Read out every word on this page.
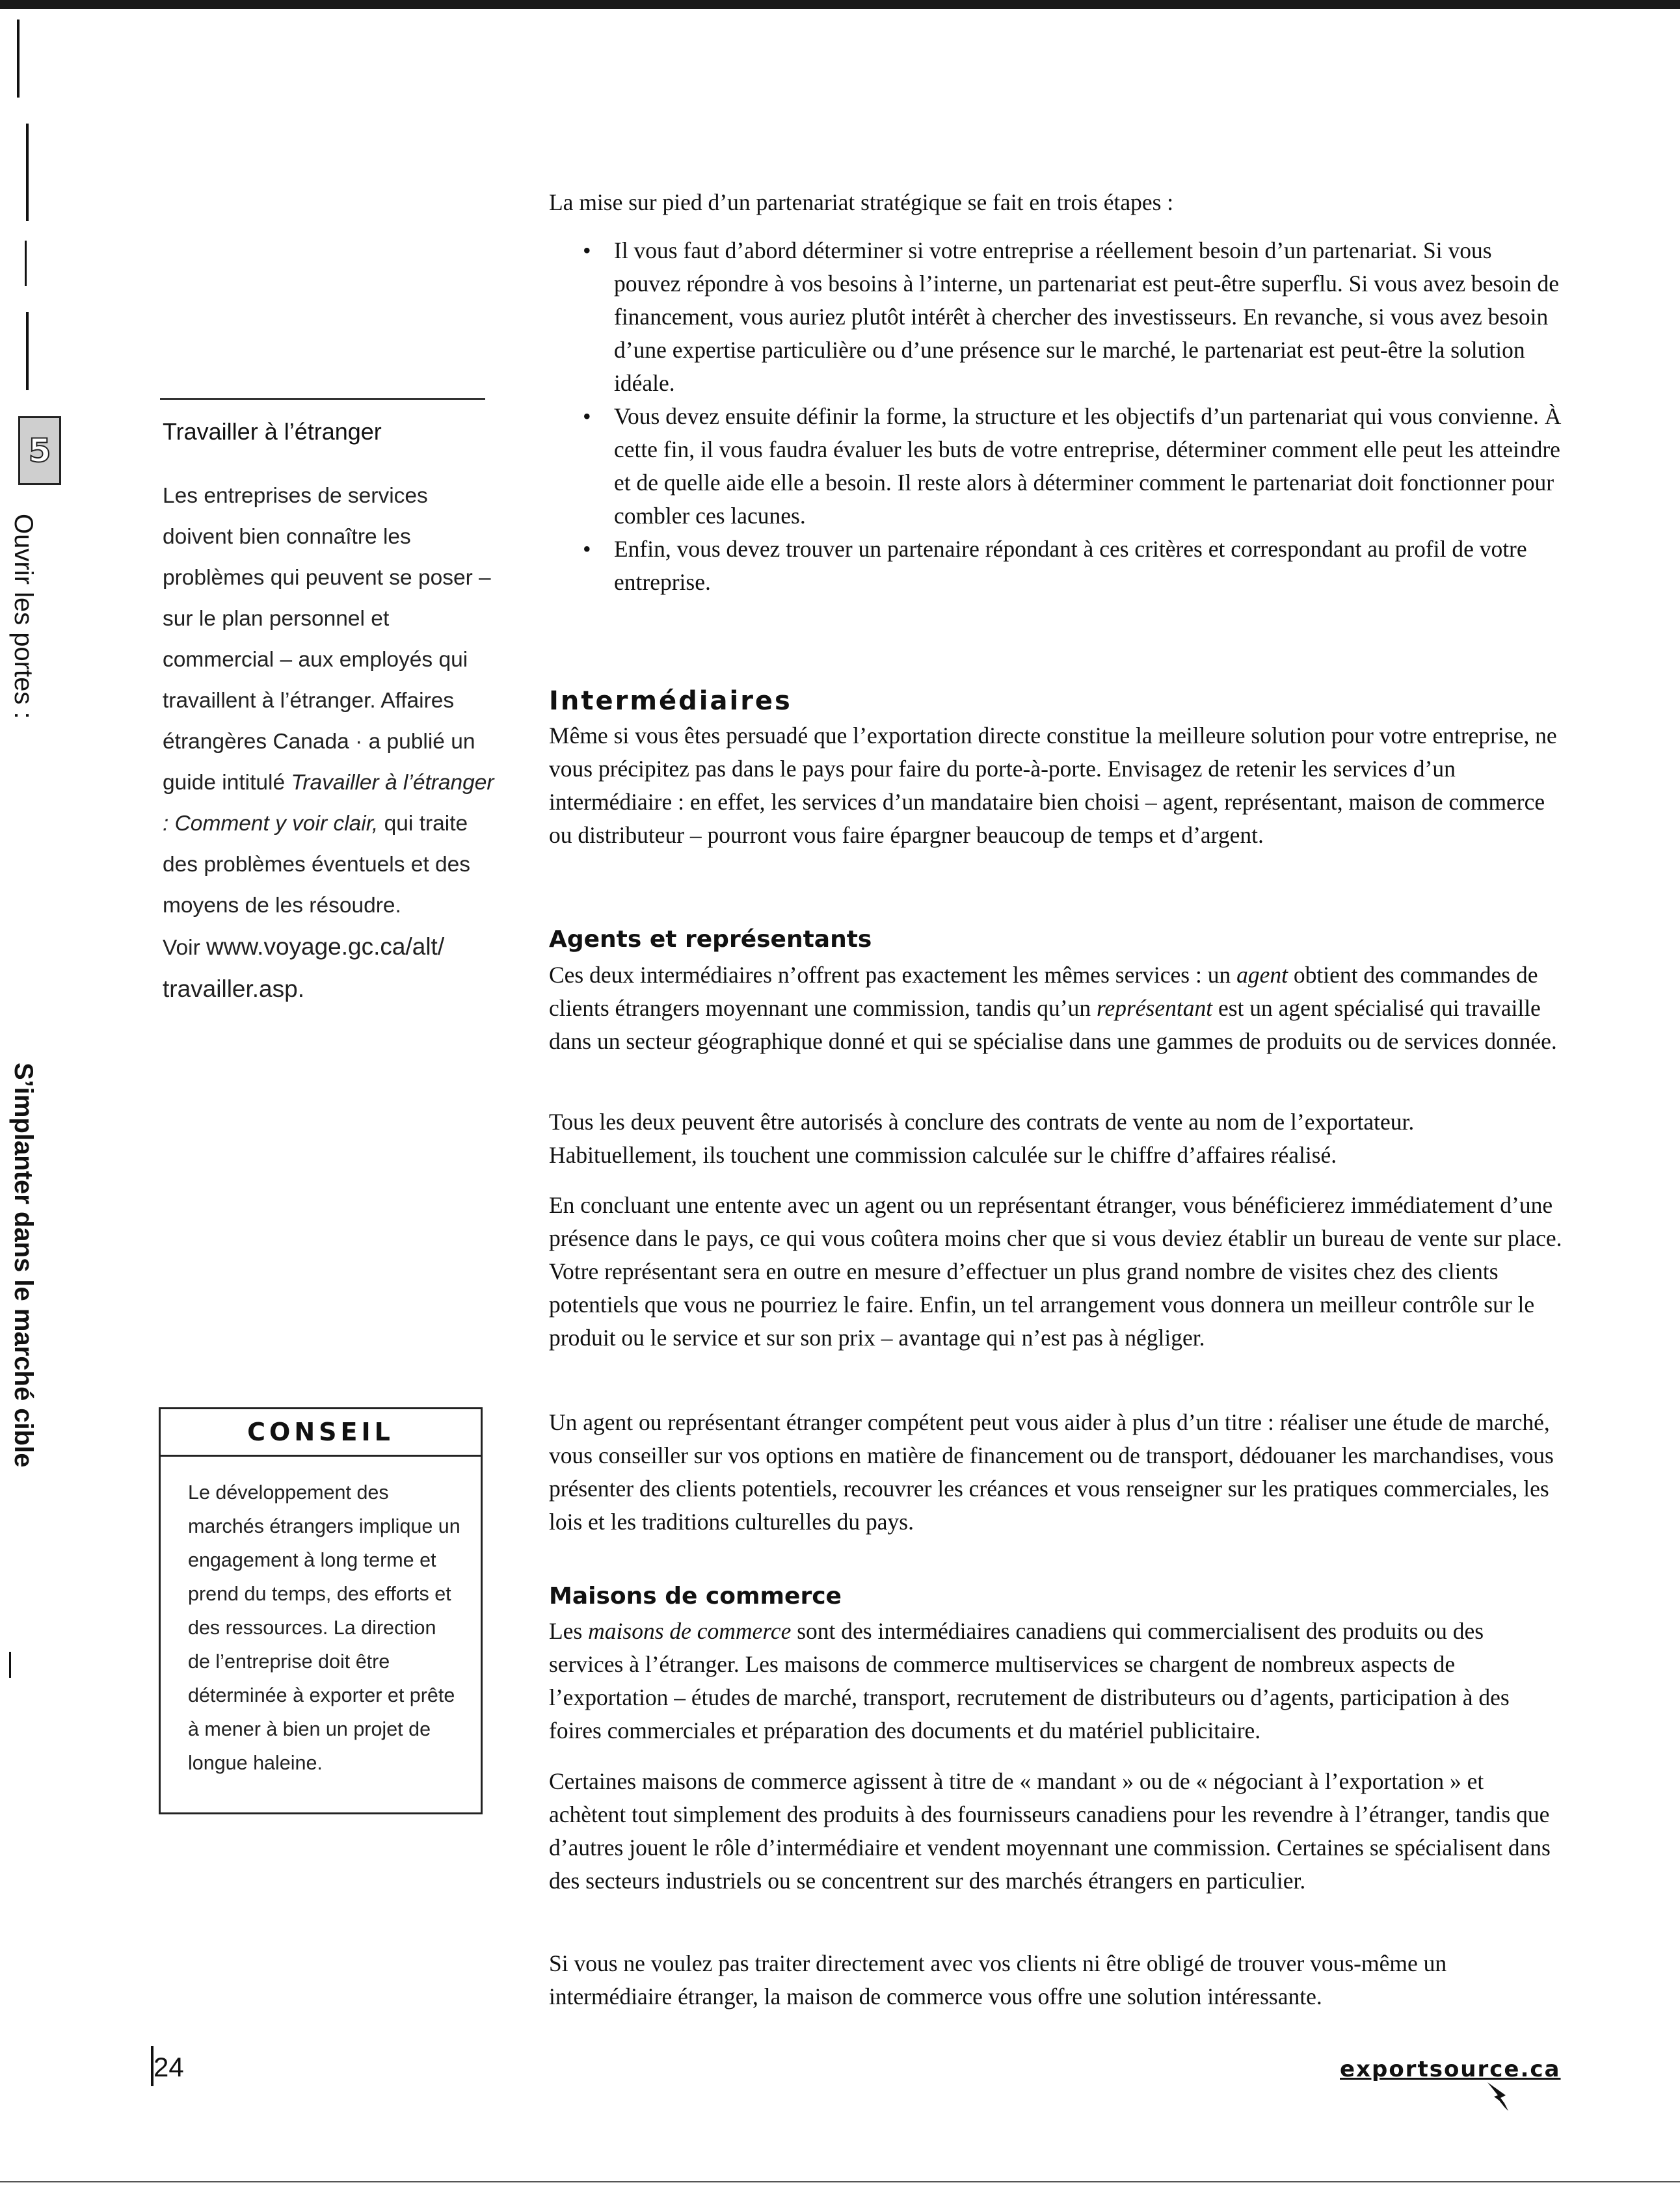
5
Ouvrir les portes :
S’implanter dans le marché cible
Travailler à l’étranger
Les entreprises de services doivent bien connaître les problèmes qui peuvent se poser – sur le plan personnel et commercial – aux employés qui travaillent à l’étranger. Affaires étrangères Canada · a publié un guide intitulé Travailler à l’étranger : Comment y voir clair, qui traite des problèmes éventuels et des moyens de les résoudre.
Voir www.voyage.gc.ca/alt/ travailler.asp.
CONSEIL
Le développement des marchés étrangers implique un engagement à long terme et prend du temps, des efforts et des ressources. La direction de l’entreprise doit être déterminée à exporter et prête à mener à bien un projet de longue haleine.
La mise sur pied d’un partenariat stratégique se fait en trois étapes :
• Il vous faut d’abord déterminer si votre entreprise a réellement besoin d’un partenariat. Si vous pouvez répondre à vos besoins à l’interne, un partenariat est peut-être superflu. Si vous avez besoin de financement, vous auriez plutôt intérêt à chercher des investisseurs. En revanche, si vous avez besoin d’une expertise particulière ou d’une présence sur le marché, le partenariat est peut-être la solution idéale.
• Vous devez ensuite définir la forme, la structure et les objectifs d’un partenariat qui vous convienne. À cette fin, il vous faudra évaluer les buts de votre entreprise, déterminer comment elle peut les atteindre et de quelle aide elle a besoin. Il reste alors à déterminer comment le partenariat doit fonctionner pour combler ces lacunes.
• Enfin, vous devez trouver un partenaire répondant à ces critères et correspondant au profil de votre entreprise.
Intermédiaires
Même si vous êtes persuadé que l’exportation directe constitue la meilleure solution pour votre entreprise, ne vous précipitez pas dans le pays pour faire du porte-à-porte. Envisagez de retenir les services d’un intermédiaire : en effet, les services d’un mandataire bien choisi – agent, représentant, maison de commerce ou distributeur – pourront vous faire épargner beaucoup de temps et d’argent.
Agents et représentants
Ces deux intermédiaires n’offrent pas exactement les mêmes services : un agent obtient des commandes de clients étrangers moyennant une commission, tandis qu’un représentant est un agent spécialisé qui travaille dans un secteur géographique donné et qui se spécialise dans une gammes de produits ou de services donnée.
Tous les deux peuvent être autorisés à conclure des contrats de vente au nom de l’exportateur. Habituellement, ils touchent une commission calculée sur le chiffre d’affaires réalisé.
En concluant une entente avec un agent ou un représentant étranger, vous bénéficierez immédiatement d’une présence dans le pays, ce qui vous coûtera moins cher que si vous deviez établir un bureau de vente sur place. Votre représentant sera en outre en mesure d’effectuer un plus grand nombre de visites chez des clients potentiels que vous ne pourriez le faire. Enfin, un tel arrangement vous donnera un meilleur contrôle sur le produit ou le service et sur son prix – avantage qui n’est pas à négliger.
Un agent ou représentant étranger compétent peut vous aider à plus d’un titre : réaliser une étude de marché, vous conseiller sur vos options en matière de financement ou de transport, dédouaner les marchandises, vous présenter des clients potentiels, recouvrer les créances et vous renseigner sur les pratiques commerciales, les lois et les traditions culturelles du pays.
Maisons de commerce
Les maisons de commerce sont des intermédiaires canadiens qui commercialisent des produits ou des services à l’étranger. Les maisons de commerce multiservices se chargent de nombreux aspects de l’exportation – études de marché, transport, recrutement de distributeurs ou d’agents, participation à des foires commerciales et préparation des documents et du matériel publicitaire.
Certaines maisons de commerce agissent à titre de « mandant » ou de « négociant à l’exportation » et achètent tout simplement des produits à des fournisseurs canadiens pour les revendre à l’étranger, tandis que d’autres jouent le rôle d’intermédiaire et vendent moyennant une commission. Certaines se spécialisent dans des secteurs industriels ou se concentrent sur des marchés étrangers en particulier.
Si vous ne voulez pas traiter directement avec vos clients ni être obligé de trouver vous-même un intermédiaire étranger, la maison de commerce vous offre une solution intéressante.
24	exportsource.ca
